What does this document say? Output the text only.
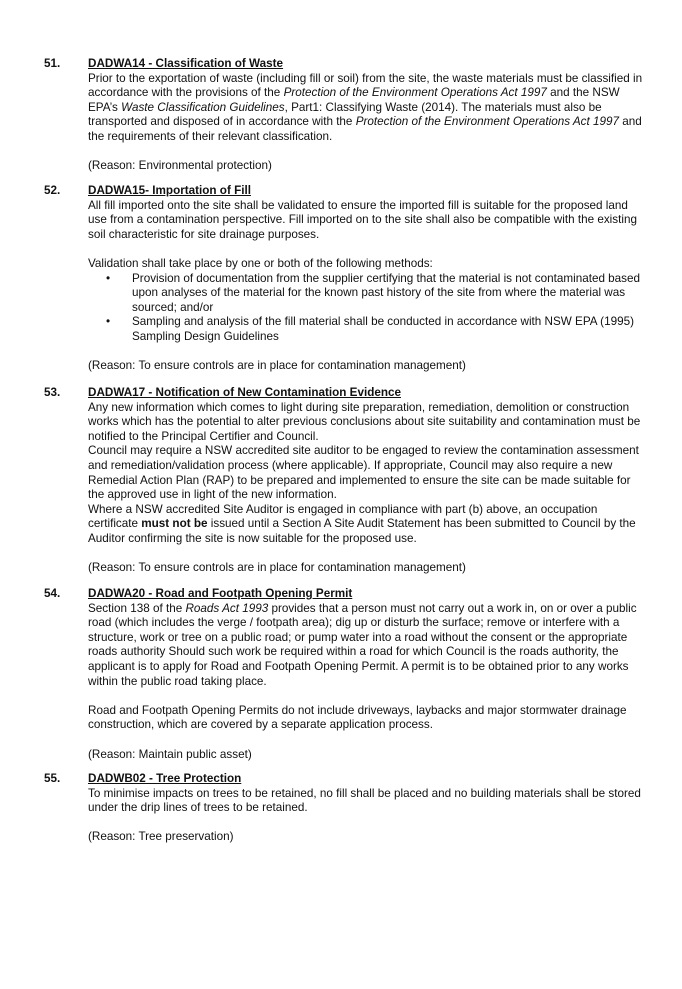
51. DADWA14 - Classification of Waste

Prior to the exportation of waste (including fill or soil) from the site, the waste materials must be classified in accordance with the provisions of the Protection of the Environment Operations Act 1997 and the NSW EPA’s Waste Classification Guidelines, Part1: Classifying Waste (2014). The materials must also be transported and disposed of in accordance with the Protection of the Environment Operations Act 1997 and the requirements of their relevant classification.

(Reason: Environmental protection)

52. DADWA15- Importation of Fill

All fill imported onto the site shall be validated to ensure the imported fill is suitable for the proposed land use from a contamination perspective. Fill imported on to the site shall also be compatible with the existing soil characteristic for site drainage purposes.

Validation shall take place by one or both of the following methods:

• Provision of documentation from the supplier certifying that the material is not contaminated based upon analyses of the material for the known past history of the site from where the material was sourced; and/or
• Sampling and analysis of the fill material shall be conducted in accordance with NSW EPA (1995) Sampling Design Guidelines

(Reason: To ensure controls are in place for contamination management)

53. DADWA17 - Notification of New Contamination Evidence

Any new information which comes to light during site preparation, remediation, demolition or construction works which has the potential to alter previous conclusions about site suitability and contamination must be notified to the Principal Certifier and Council.

Council may require a NSW accredited site auditor to be engaged to review the contamination assessment and remediation/validation process (where applicable). If appropriate, Council may also require a new Remedial Action Plan (RAP) to be prepared and implemented to ensure the site can be made suitable for the approved use in light of the new information.

Where a NSW accredited Site Auditor is engaged in compliance with part (b) above, an occupation certificate must not be issued until a Section A Site Audit Statement has been submitted to Council by the Auditor confirming the site is now suitable for the proposed use.

(Reason: To ensure controls are in place for contamination management)

54. DADWA20 - Road and Footpath Opening Permit

Section 138 of the Roads Act 1993 provides that a person must not carry out a work in, on or over a public road (which includes the verge / footpath area); dig up or disturb the surface; remove or interfere with a structure, work or tree on a public road; or pump water into a road without the consent or the appropriate roads authority Should such work be required within a road for which Council is the roads authority, the applicant is to apply for Road and Footpath Opening Permit. A permit is to be obtained prior to any works within the public road taking place.

Road and Footpath Opening Permits do not include driveways, laybacks and major stormwater drainage construction, which are covered by a separate application process.

(Reason: Maintain public asset)

55. DADWB02 - Tree Protection

To minimise impacts on trees to be retained, no fill shall be placed and no building materials shall be stored under the drip lines of trees to be retained.

(Reason: Tree preservation)
